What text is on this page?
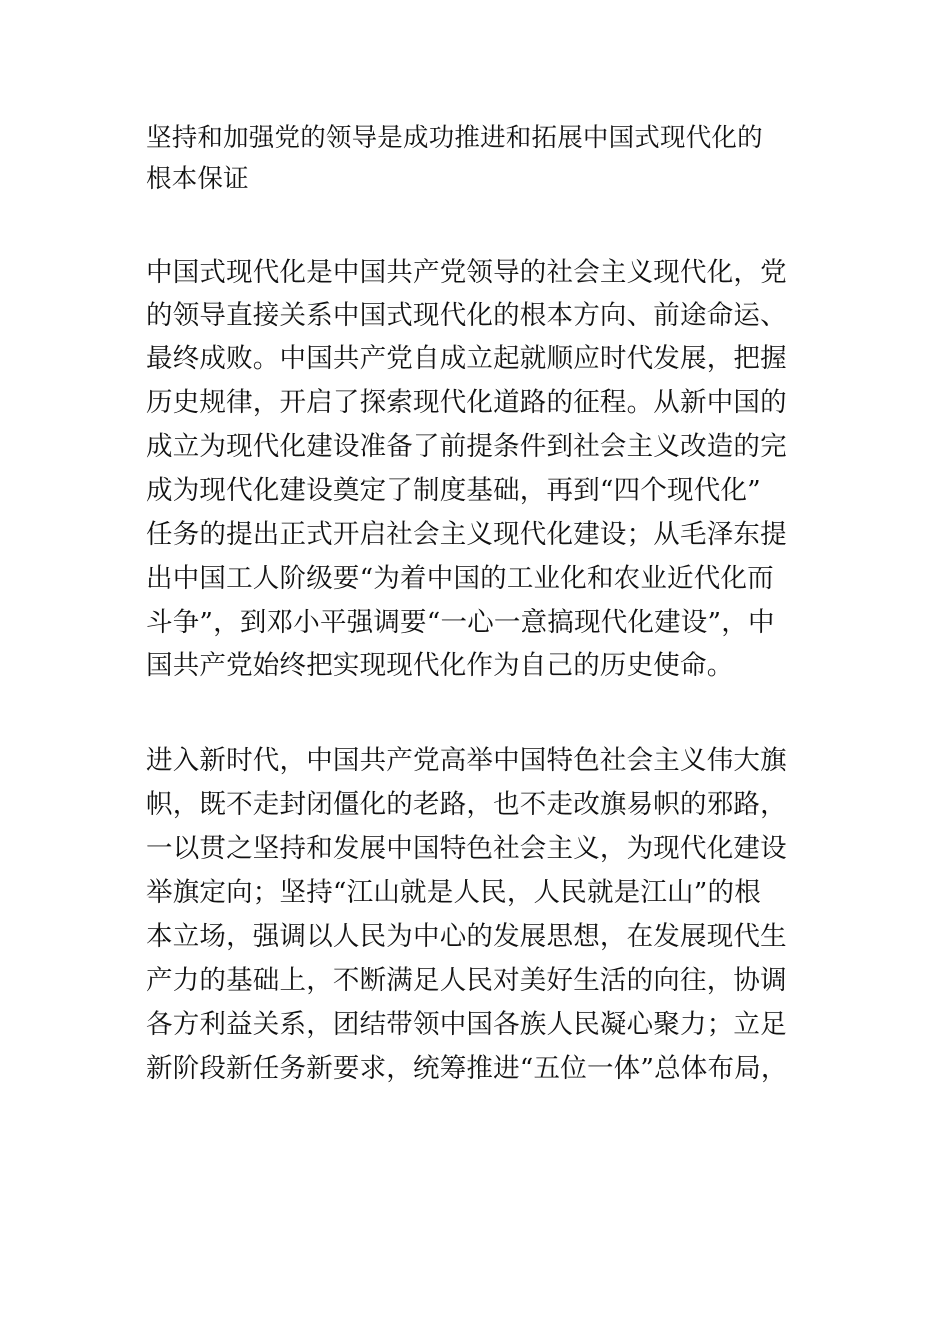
坚持和加强党的领导是成功推进和拓展中国式现代化的
根本保证
中国式现代化是中国共产党领导的社会主义现代化，党
的领导直接关系中国式现代化的根本方向、前途命运、
最终成败。中国共产党自成立起就顺应时代发展，把握
历史规律，开启了探索现代化道路的征程。从新中国的
成立为现代化建设准备了前提条件到社会主义改造的完
成为现代化建设奠定了制度基础，再到“四个现代化”
任务的提出正式开启社会主义现代化建设；从毛泽东提
出中国工人阶级要“为着中国的工业化和农业近代化而
斗争”，到邓小平强调要“一心一意搞现代化建设”，中
国共产党始终把实现现代化作为自己的历史使命。
进入新时代，中国共产党高举中国特色社会主义伟大旗
帜，既不走封闭僵化的老路，也不走改旗易帜的邪路，
一以贯之坚持和发展中国特色社会主义，为现代化建设
举旗定向；坚持“江山就是人民，人民就是江山”的根
本立场，强调以人民为中心的发展思想，在发展现代生
产力的基础上，不断满足人民对美好生活的向往，协调
各方利益关系，团结带领中国各族人民凝心聚力；立足
新阶段新任务新要求，统筹推进“五位一体”总体布局，
